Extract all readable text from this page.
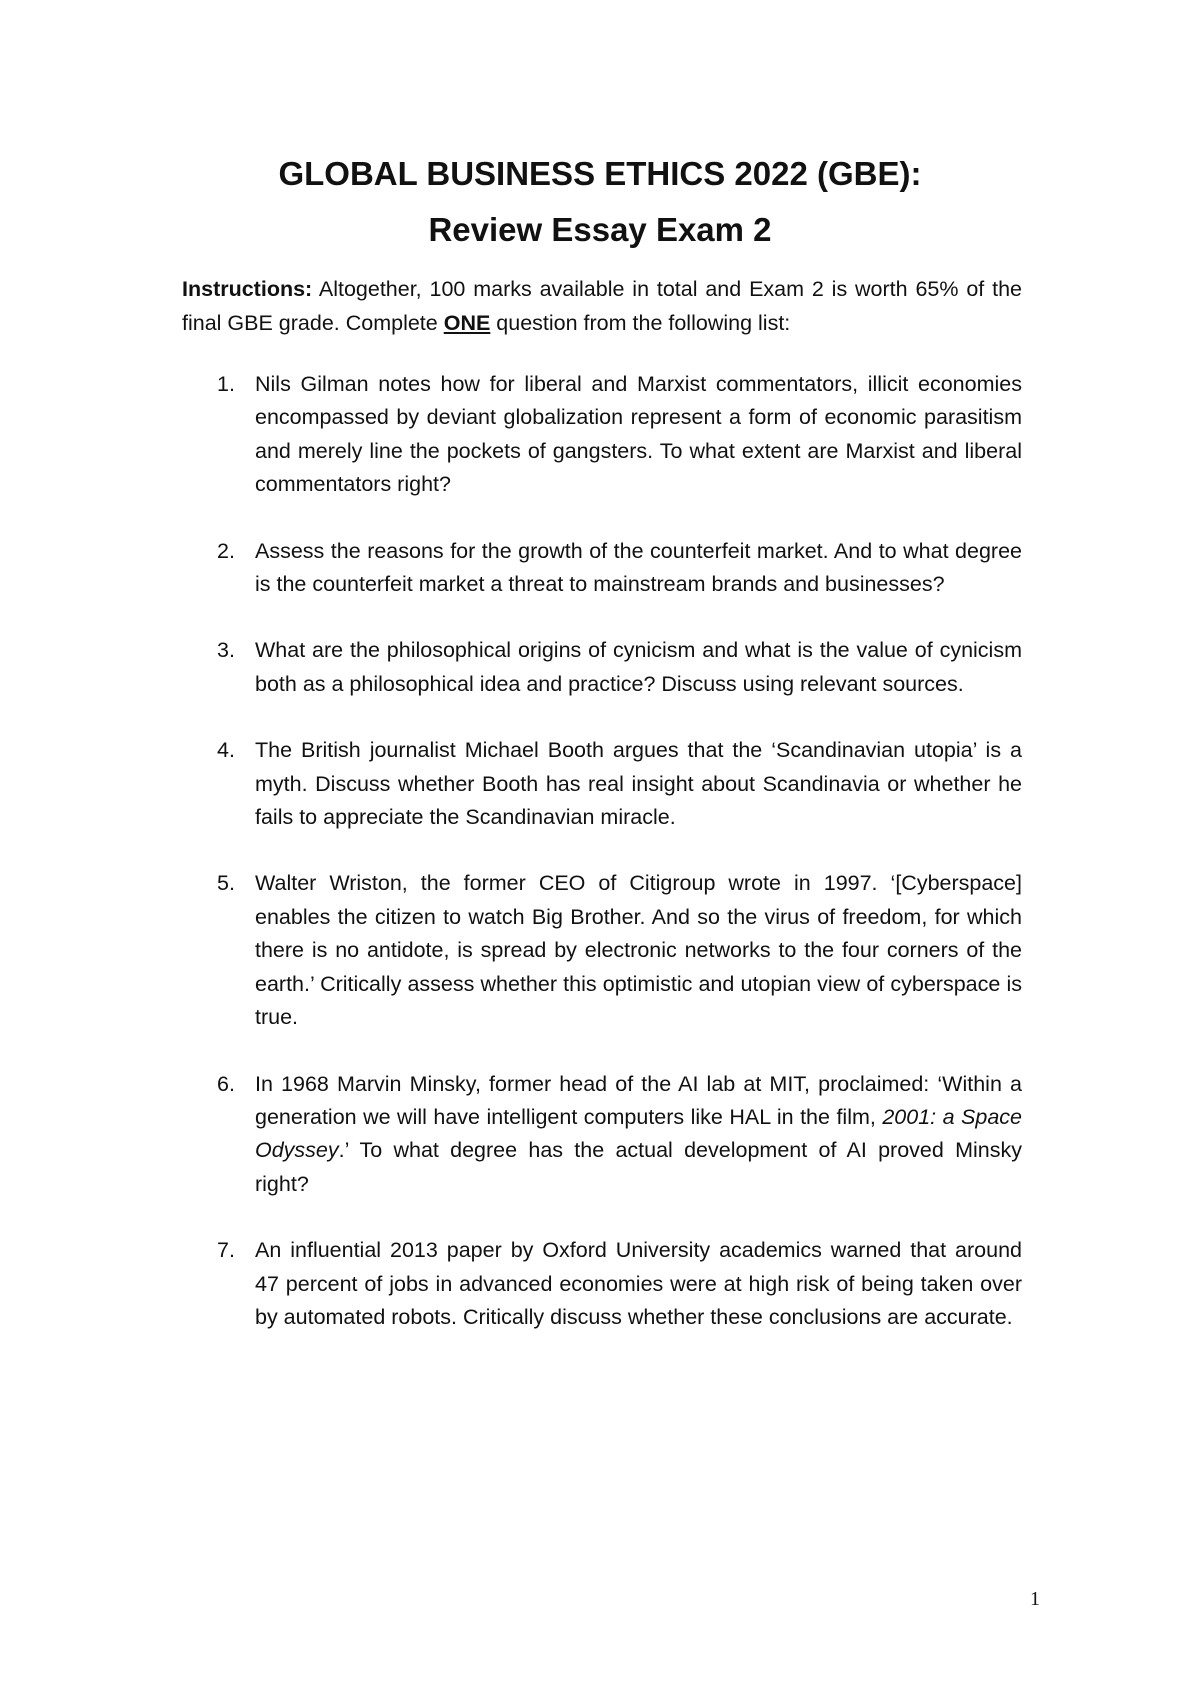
GLOBAL BUSINESS ETHICS 2022 (GBE):
Review Essay Exam 2

Instructions: Altogether, 100 marks available in total and Exam 2 is worth 65% of the final GBE grade. Complete ONE question from the following list:

1. Nils Gilman notes how for liberal and Marxist commentators, illicit economies encompassed by deviant globalization represent a form of economic parasitism and merely line the pockets of gangsters. To what extent are Marxist and liberal commentators right?
2. Assess the reasons for the growth of the counterfeit market. And to what degree is the counterfeit market a threat to mainstream brands and businesses?
3. What are the philosophical origins of cynicism and what is the value of cynicism both as a philosophical idea and practice? Discuss using relevant sources.
4. The British journalist Michael Booth argues that the ‘Scandinavian utopia’ is a myth. Discuss whether Booth has real insight about Scandinavia or whether he fails to appreciate the Scandinavian miracle.
5. Walter Wriston, the former CEO of Citigroup wrote in 1997. ‘[Cyberspace] enables the citizen to watch Big Brother. And so the virus of freedom, for which there is no antidote, is spread by electronic networks to the four corners of the earth.’ Critically assess whether this optimistic and utopian view of cyberspace is true.
6. In 1968 Marvin Minsky, former head of the AI lab at MIT, proclaimed: ‘Within a generation we will have intelligent computers like HAL in the film, 2001: a Space Odyssey.’ To what degree has the actual development of AI proved Minsky right?
7. An influential 2013 paper by Oxford University academics warned that around 47 percent of jobs in advanced economies were at high risk of being taken over by automated robots. Critically discuss whether these conclusions are accurate.
1
